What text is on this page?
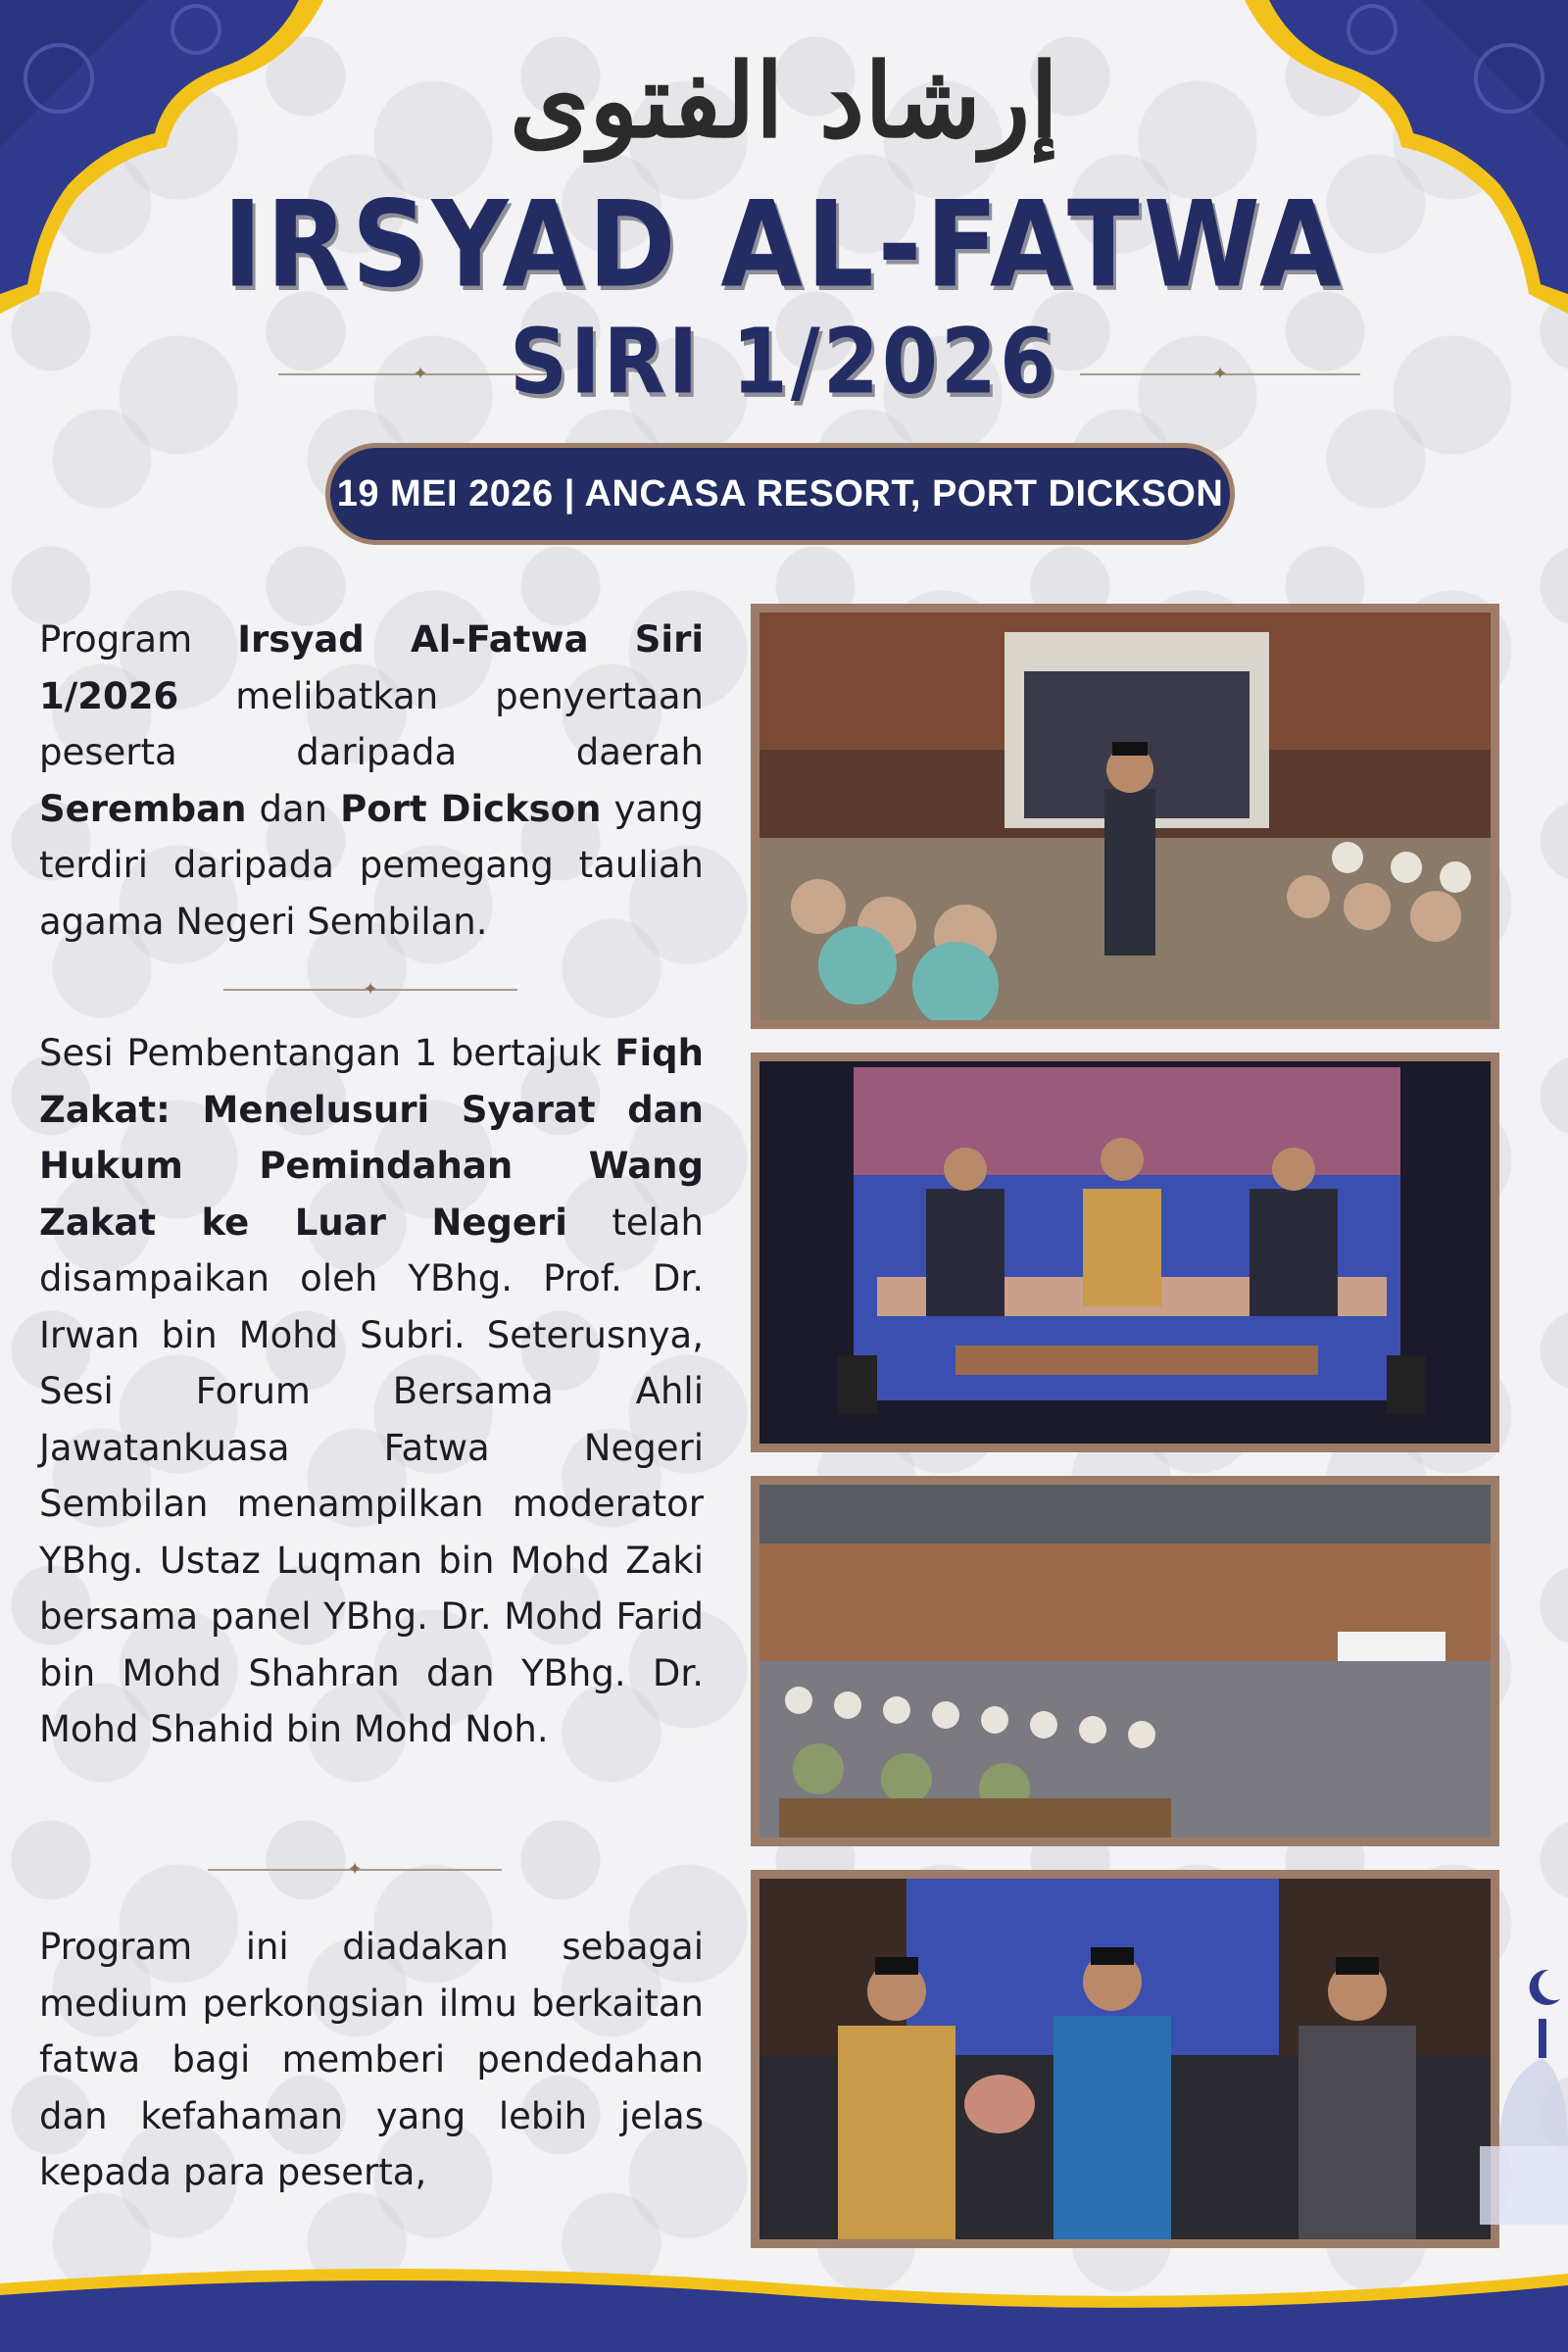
إرشاد الفتوى
IRSYAD AL-FATWA
✦	SIRI 1/2026	✦
19 MEI 2026 | ANCASA RESORT, PORT DICKSON
Program Irsyad Al-Fatwa Siri 1/2026 melibatkan penyertaan peserta daripada daerah Seremban dan Port Dickson yang terdiri daripada pemegang tauliah agama Negeri Sembilan.
✦
Sesi Pembentangan 1 bertajuk Fiqh Zakat: Menelusuri Syarat dan Hukum Pemindahan Wang Zakat ke Luar Negeri telah disampaikan oleh YBhg. Prof. Dr. Irwan bin Mohd Subri. Seterusnya, Sesi Forum Bersama Ahli Jawatankuasa Fatwa Negeri Sembilan menampilkan moderator YBhg. Ustaz Luqman bin Mohd Zaki bersama panel YBhg. Dr. Mohd Farid bin Mohd Shahran dan YBhg. Dr. Mohd Shahid bin Mohd Noh.
✦
Program ini diadakan sebagai medium perkongsian ilmu berkaitan fatwa bagi memberi pendedahan dan kefahaman yang lebih jelas kepada para peserta,
